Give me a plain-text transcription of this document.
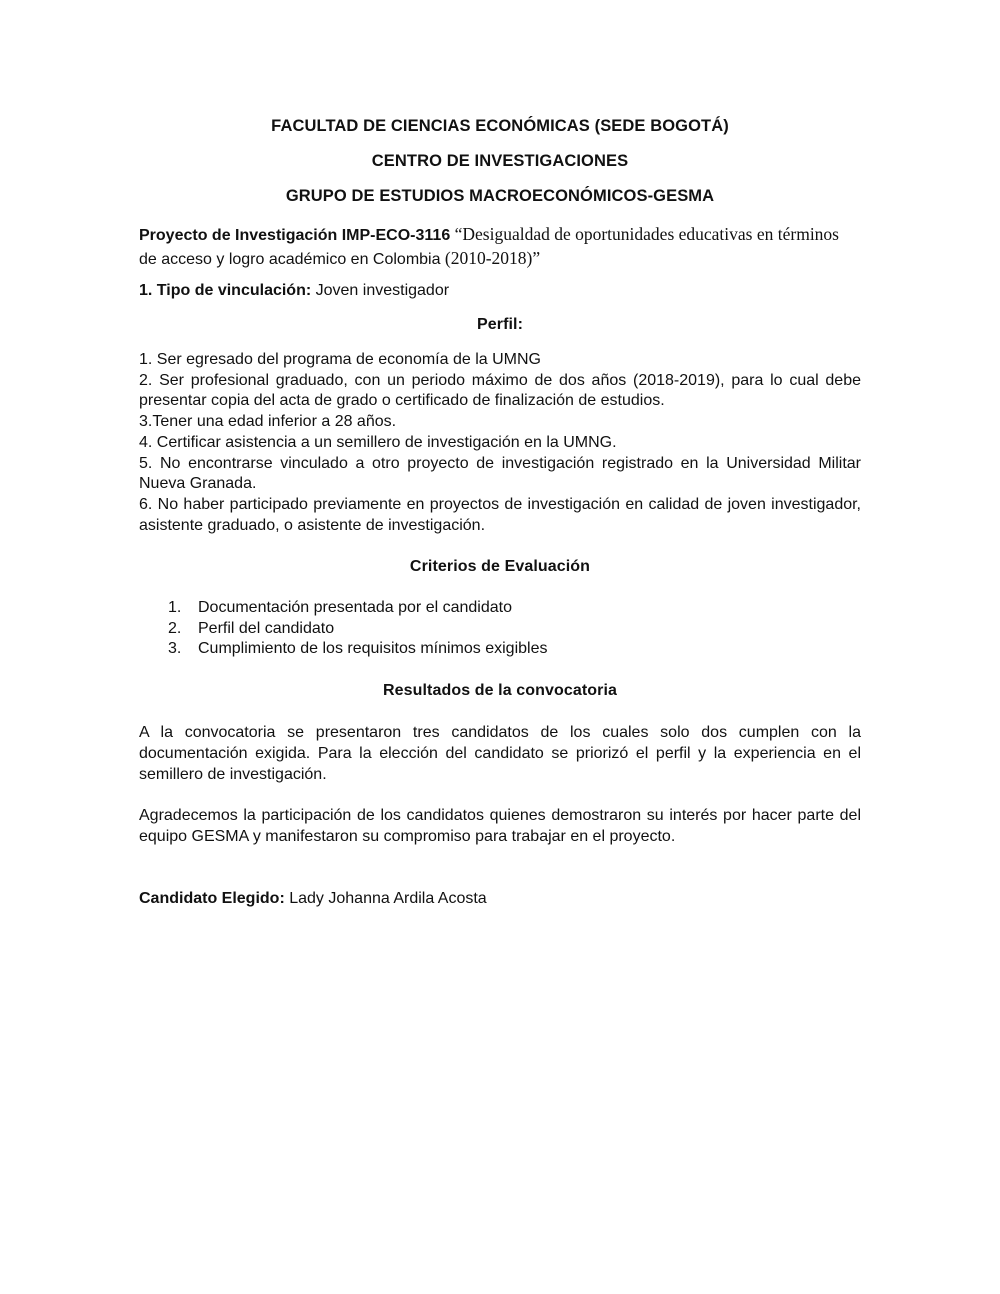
FACULTAD DE CIENCIAS ECONÓMICAS (SEDE BOGOTÁ)
CENTRO DE INVESTIGACIONES
GRUPO DE ESTUDIOS MACROECONÓMICOS-GESMA

Proyecto de Investigación IMP-ECO-3116 “Desigualdad de oportunidades educativas en términos
de acceso y logro académico en Colombia (2010-2018)”

1. Tipo de vinculación: Joven investigador

Perfil:
1. Ser egresado del programa de economía de la UMNG
2. Ser profesional graduado, con un periodo máximo de dos años (2018-2019), para lo cual debe presentar copia del acta de grado o certificado de finalización de estudios.
3.Tener una edad inferior a 28 años.
4. Certificar asistencia a un semillero de investigación en la UMNG.
5. No encontrarse vinculado a otro proyecto de investigación registrado en la Universidad Militar Nueva Granada.
6. No haber participado previamente en proyectos de investigación en calidad de joven investigador, asistente graduado, o asistente de investigación.
Criterios de Evaluación
1. Documentación presentada por el candidato
2. Perfil del candidato
3. Cumplimiento de los requisitos mínimos exigibles
Resultados de la convocatoria

A la convocatoria se presentaron tres candidatos de los cuales solo dos cumplen con la documentación exigida. Para la elección del candidato se priorizó el perfil y la experiencia en el semillero de investigación.

Agradecemos la participación de los candidatos quienes demostraron su interés por hacer parte del equipo GESMA y manifestaron su compromiso para trabajar en el proyecto.

Candidato Elegido: Lady Johanna Ardila Acosta
